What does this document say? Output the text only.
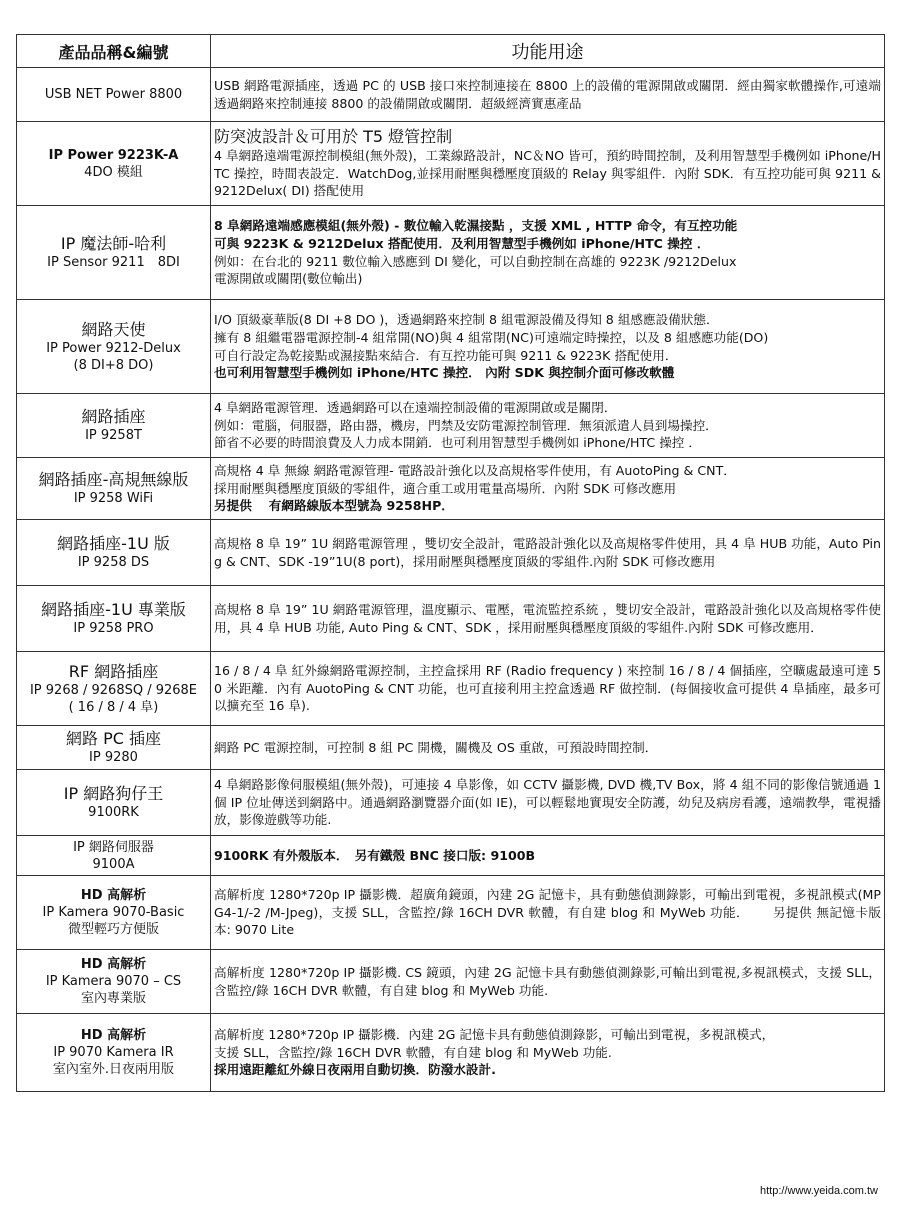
產品品稱&編號	功能用途

USB NET Power 8800	USB 網路電源插座，透過 PC 的 USB 接口來控制連接在 8800 上的設備的電源開啟或關閉．經由獨家軟體操作,可遠端透過網路來控制連接 8800 的設備開啟或關閉．超級經濟實惠產品

IP Power 9223K-A
4DO 模組	防突波設計＆可用於 T5 燈管控制
4 阜網路遠端電源控制模組(無外殼)，工業線路設計，NC＆NO 皆可，預約時間控制，及利用智慧型手機例如 iPhone/HTC 操控，時間表設定．WatchDog,並採用耐壓與穩壓度頂級的 Relay 與零組件．內附 SDK．有互控功能可與 9211 & 9212Delux( DI) 搭配使用

IP 魔法師-哈利
IP Sensor 9211　8DI	8 阜網路遠端感應模組(無外殼) - 數位輸入乾濕接點 ，支援 XML , HTTP 命令，有互控功能
可與 9223K & 9212Delux 搭配使用．及利用智慧型手機例如 iPhone/HTC 操控 ．
例如：在台北的 9211 數位輸入感應到 DI 變化，可以自動控制在高雄的 9223K /9212Delux
電源開啟或關閉(數位輸出)

網路天使
IP Power 9212-Delux
(8 DI+8 DO)	I/O 頂級豪華版(8 DI +8 DO )，透過網路來控制 8 組電源設備及得知 8 組感應設備狀態．
擁有 8 組繼電器電源控制-4 組常開(NO)與 4 組常閉(NC)可遠端定時操控，以及 8 組感應功能(DO)
可自行設定為乾接點或濕接點來結合．有互控功能可與 9211 & 9223K 搭配使用．
也可利用智慧型手機例如 iPhone/HTC 操控． 內附 SDK 與控制介面可修改軟體

網路插座
IP 9258T	4 阜網路電源管理．透過網路可以在遠端控制設備的電源開啟或是關閉．
例如：電腦，伺服器，路由器，機房，門禁及安防電源控制管理．無須派遣人員到場操控．
節省不必要的時間浪費及人力成本開銷．也可利用智慧型手機例如 iPhone/HTC 操控 ．

網路插座-高規無線版
IP 9258 WiFi	高規格 4 阜 無線 網路電源管理- 電路設計強化以及高規格零件使用，有 AuotoPing & CNT．
採用耐壓與穩壓度頂級的零組件，適合重工或用電量高場所．內附 SDK 可修改應用
另提供　 有網路線版本型號為 9258HP．

網路插座-1U 版
IP 9258 DS	高規格 8 阜 19” 1U 網路電源管理 ，雙切安全設計，電路設計強化以及高規格零件使用，具 4 阜 HUB 功能，Auto Ping & CNT、SDK -19”1U(8 port)，採用耐壓與穩壓度頂級的零組件.內附 SDK 可修改應用

網路插座-1U 專業版
IP 9258 PRO	高規格 8 阜 19” 1U 網路電源管理，溫度顯示、電壓，電流監控系統 ，雙切安全設計，電路設計強化以及高規格零件使用，具 4 阜 HUB 功能, Auto Ping & CNT、SDK ，採用耐壓與穩壓度頂級的零組件.內附 SDK 可修改應用．

RF 網路插座
IP 9268 / 9268SQ / 9268E
( 16 / 8 / 4 阜)	16 / 8 / 4 阜 紅外線網路電源控制，主控盒採用 RF (Radio frequency ) 來控制 16 / 8 / 4 個插座，空曠處最遠可達 50 米距離．內有 AuotoPing & CNT 功能，也可直接利用主控盒透過 RF 做控制．(每個接收盒可提供 4 阜插座，最多可以擴充至 16 阜).

網路 PC 插座
IP 9280	網路 PC 電源控制，可控制 8 組 PC 開機，關機及 OS 重啟，可預設時間控制．

IP 網路狗仔王
9100RK	4 阜網路影像伺服模組(無外殼)，可連接 4 阜影像，如 CCTV 攝影機, DVD 機,TV Box，將 4 組不同的影像信號通過 1 個 IP 位址傳送到網路中。通過網路瀏覽器介面(如 IE)，可以輕鬆地實現安全防護，幼兒及病房看護，遠端教學，電視播放，影像遊戲等功能.

IP 網路伺服器
9100A	9100RK 有外殼版本．　另有鐵殼 BNC 接口版: 9100B

HD 高解析
IP Kamera 9070-Basic
微型輕巧方便版	高解析度 1280*720p IP 攝影機．超廣角鏡頭，內建 2G 記憶卡，具有動態偵測錄影，可輸出到電視，多視訊模式(MPG4-1/-2 /M-Jpeg)，支援 SLL，含監控/錄 16CH DVR 軟體，有自建 blog 和 MyWeb 功能．　　 另提供 無記憶卡版本: 9070 Lite

HD 高解析
IP Kamera 9070 – CS
室內專業版	高解析度 1280*720p IP 攝影機. CS 鏡頭，內建 2G 記憶卡具有動態偵測錄影,可輸出到電視,多視訊模式，支援 SLL，含監控/錄 16CH DVR 軟體，有自建 blog 和 MyWeb 功能.

HD 高解析
IP 9070 Kamera IR
室內室外.日夜兩用版	高解析度 1280*720p IP 攝影機．內建 2G 記憶卡具有動態偵測錄影，可輸出到電視，多視訊模式，
支援 SLL，含監控/錄 16CH DVR 軟體，有自建 blog 和 MyWeb 功能.
採用遠距離紅外線日夜兩用自動切換．防潑水設計.
http://www.yeida.com.tw
